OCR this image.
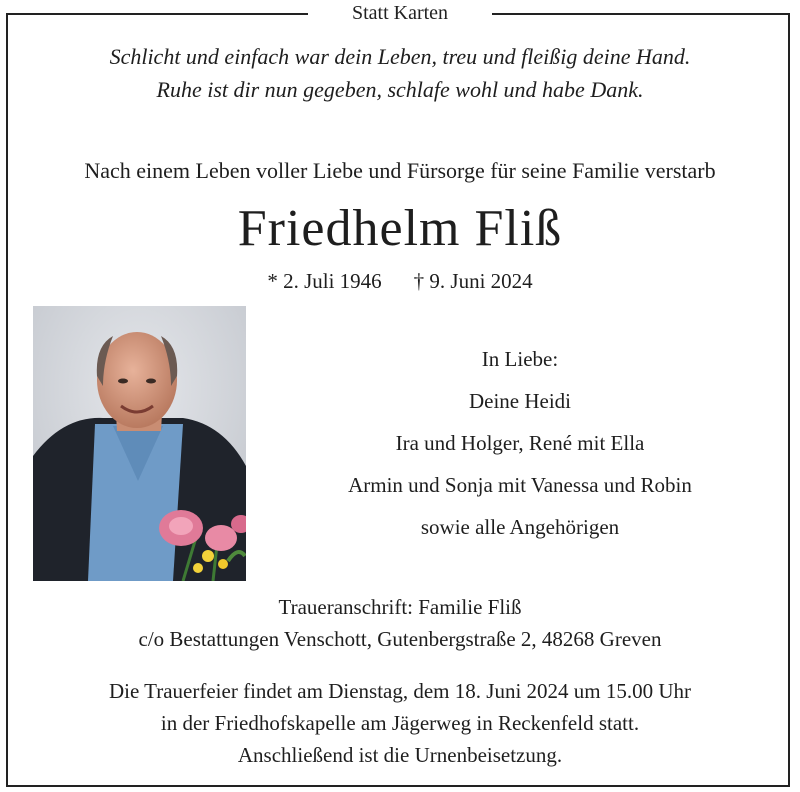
Statt Karten
Schlicht und einfach war dein Leben, treu und fleißig deine Hand.
Ruhe ist dir nun gegeben, schlafe wohl und habe Dank.
Nach einem Leben voller Liebe und Fürsorge für seine Familie verstarb
Friedhelm Fliß
* 2. Juli 1946 † 9. Juni 2024
In Liebe:
Deine Heidi
Ira und Holger, René mit Ella
Armin und Sonja mit Vanessa und Robin
sowie alle Angehörigen
Traueranschrift: Familie Fliß
c/o Bestattungen Venschott, Gutenbergstraße 2, 48268 Greven
Die Trauerfeier findet am Dienstag, dem 18. Juni 2024 um 15.00 Uhr
in der Friedhofskapelle am Jägerweg in Reckenfeld statt.
Anschließend ist die Urnenbeisetzung.
